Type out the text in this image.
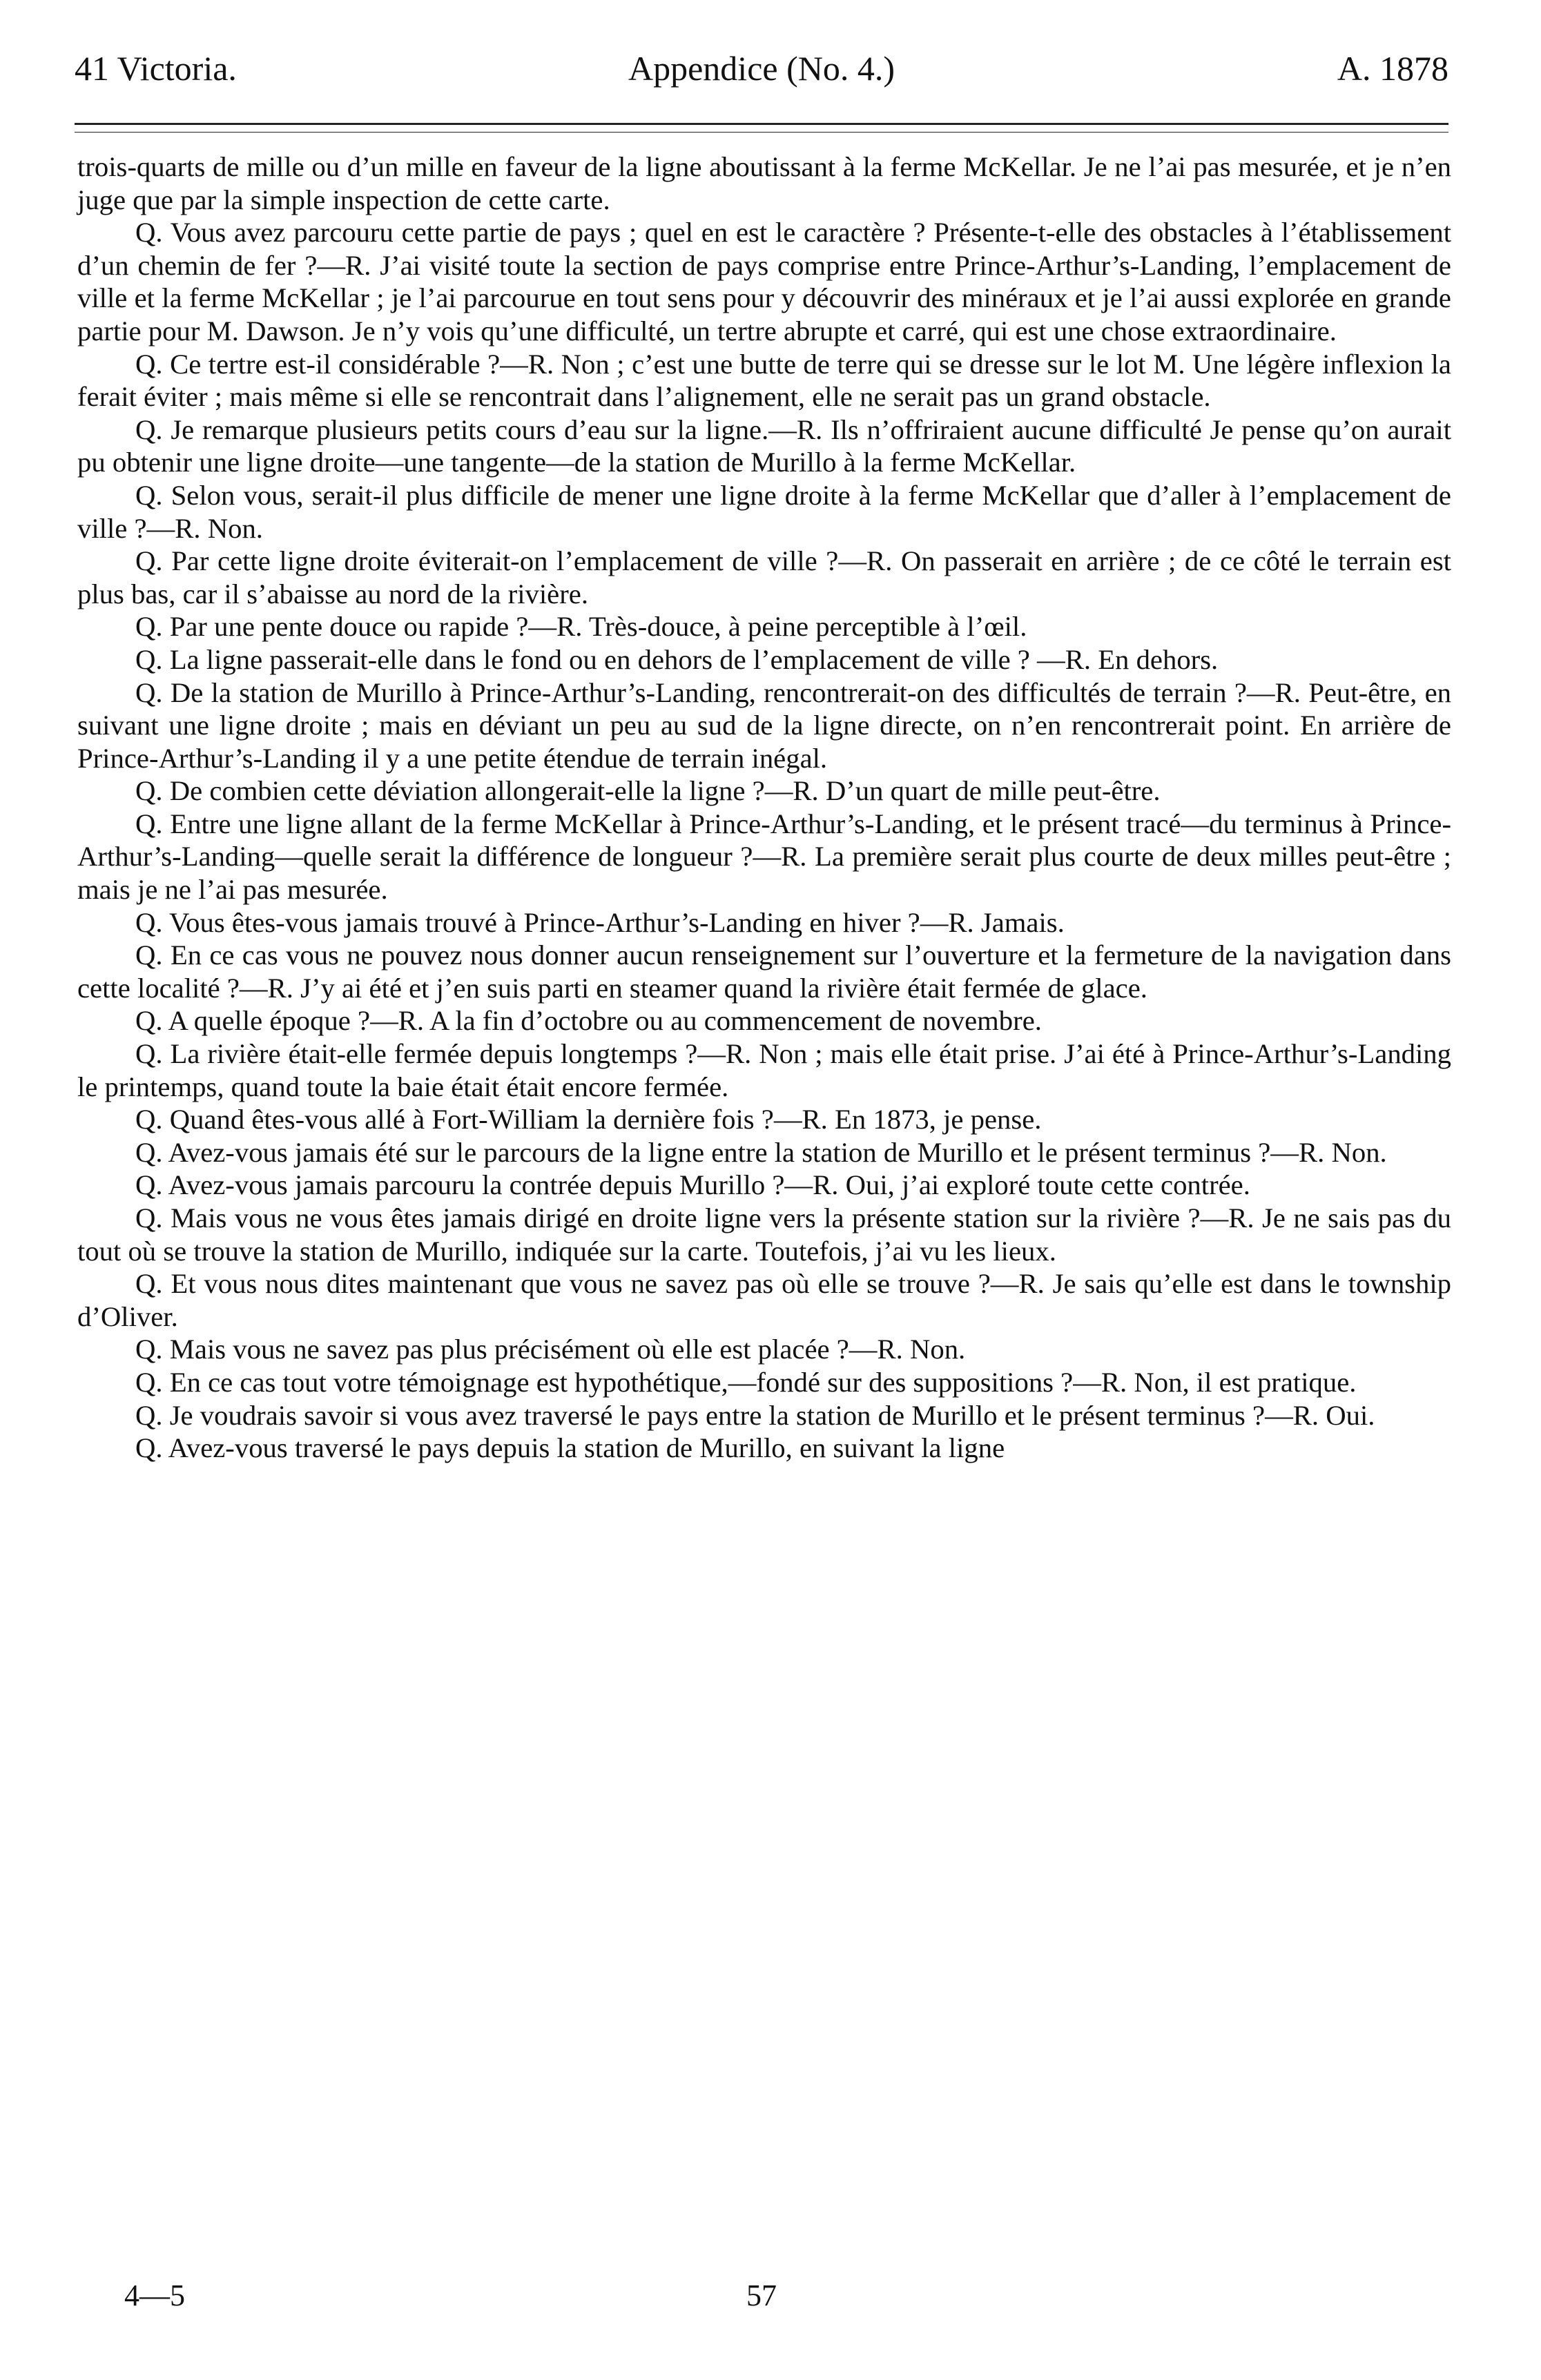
41 Victoria.	Appendice (No. 4.)	A. 1878

trois-quarts de mille ou d’un mille en faveur de la ligne aboutissant à la ferme McKellar. Je ne l’ai pas mesurée, et je n’en juge que par la simple inspection de cette carte.

Q. Vous avez parcouru cette partie de pays ; quel en est le caractère ? Présente-t-elle des obstacles à l’établissement d’un chemin de fer ?—R. J’ai visité toute la section de pays comprise entre Prince-Arthur’s-Landing, l’emplacement de ville et la ferme McKellar ; je l’ai parcourue en tout sens pour y découvrir des minéraux et je l’ai aussi explorée en grande partie pour M. Dawson. Je n’y vois qu’une difficulté, un tertre abrupte et carré, qui est une chose extraordinaire.

Q. Ce tertre est-il considérable ?—R. Non ; c’est une butte de terre qui se dresse sur le lot M. Une légère inflexion la ferait éviter ; mais même si elle se rencontrait dans l’alignement, elle ne serait pas un grand obstacle.

Q. Je remarque plusieurs petits cours d’eau sur la ligne.—R. Ils n’offriraient aucune difficulté Je pense qu’on aurait pu obtenir une ligne droite—une tangente—de la station de Murillo à la ferme McKellar.

Q. Selon vous, serait-il plus difficile de mener une ligne droite à la ferme McKellar que d’aller à l’emplacement de ville ?—R. Non.

Q. Par cette ligne droite éviterait-on l’emplacement de ville ?—R. On passerait en arrière ; de ce côté le terrain est plus bas, car il s’abaisse au nord de la rivière.

Q. Par une pente douce ou rapide ?—R. Très-douce, à peine perceptible à l’œil.

Q. La ligne passerait-elle dans le fond ou en dehors de l’emplacement de ville ? —R. En dehors.

Q. De la station de Murillo à Prince-Arthur’s-Landing, rencontrerait-on des difficultés de terrain ?—R. Peut-être, en suivant une ligne droite ; mais en déviant un peu au sud de la ligne directe, on n’en rencontrerait point. En arrière de Prince-Arthur’s-Landing il y a une petite étendue de terrain inégal.

Q. De combien cette déviation allongerait-elle la ligne ?—R. D’un quart de mille peut-être.

Q. Entre une ligne allant de la ferme McKellar à Prince-Arthur’s-Landing, et le présent tracé—du terminus à Prince-Arthur’s-Landing—quelle serait la différence de longueur ?—R. La première serait plus courte de deux milles peut-être ; mais je ne l’ai pas mesurée.

Q. Vous êtes-vous jamais trouvé à Prince-Arthur’s-Landing en hiver ?—R. Jamais.

Q. En ce cas vous ne pouvez nous donner aucun renseignement sur l’ouverture et la fermeture de la navigation dans cette localité ?—R. J’y ai été et j’en suis parti en steamer quand la rivière était fermée de glace.

Q. A quelle époque ?—R. A la fin d’octobre ou au commencement de novembre.

Q. La rivière était-elle fermée depuis longtemps ?—R. Non ; mais elle était prise. J’ai été à Prince-Arthur’s-Landing le printemps, quand toute la baie était était encore fermée.

Q. Quand êtes-vous allé à Fort-William la dernière fois ?—R. En 1873, je pense.

Q. Avez-vous jamais été sur le parcours de la ligne entre la station de Murillo et le présent terminus ?—R. Non.

Q. Avez-vous jamais parcouru la contrée depuis Murillo ?—R. Oui, j’ai exploré toute cette contrée.

Q. Mais vous ne vous êtes jamais dirigé en droite ligne vers la présente station sur la rivière ?—R. Je ne sais pas du tout où se trouve la station de Murillo, indiquée sur la carte. Toutefois, j’ai vu les lieux.

Q. Et vous nous dites maintenant que vous ne savez pas où elle se trouve ?—R. Je sais qu’elle est dans le township d’Oliver.

Q. Mais vous ne savez pas plus précisément où elle est placée ?—R. Non.

Q. En ce cas tout votre témoignage est hypothétique,—fondé sur des suppositions ?—R. Non, il est pratique.

Q. Je voudrais savoir si vous avez traversé le pays entre la station de Murillo et le présent terminus ?—R. Oui.

Q. Avez-vous traversé le pays depuis la station de Murillo, en suivant la ligne

4—5	57
